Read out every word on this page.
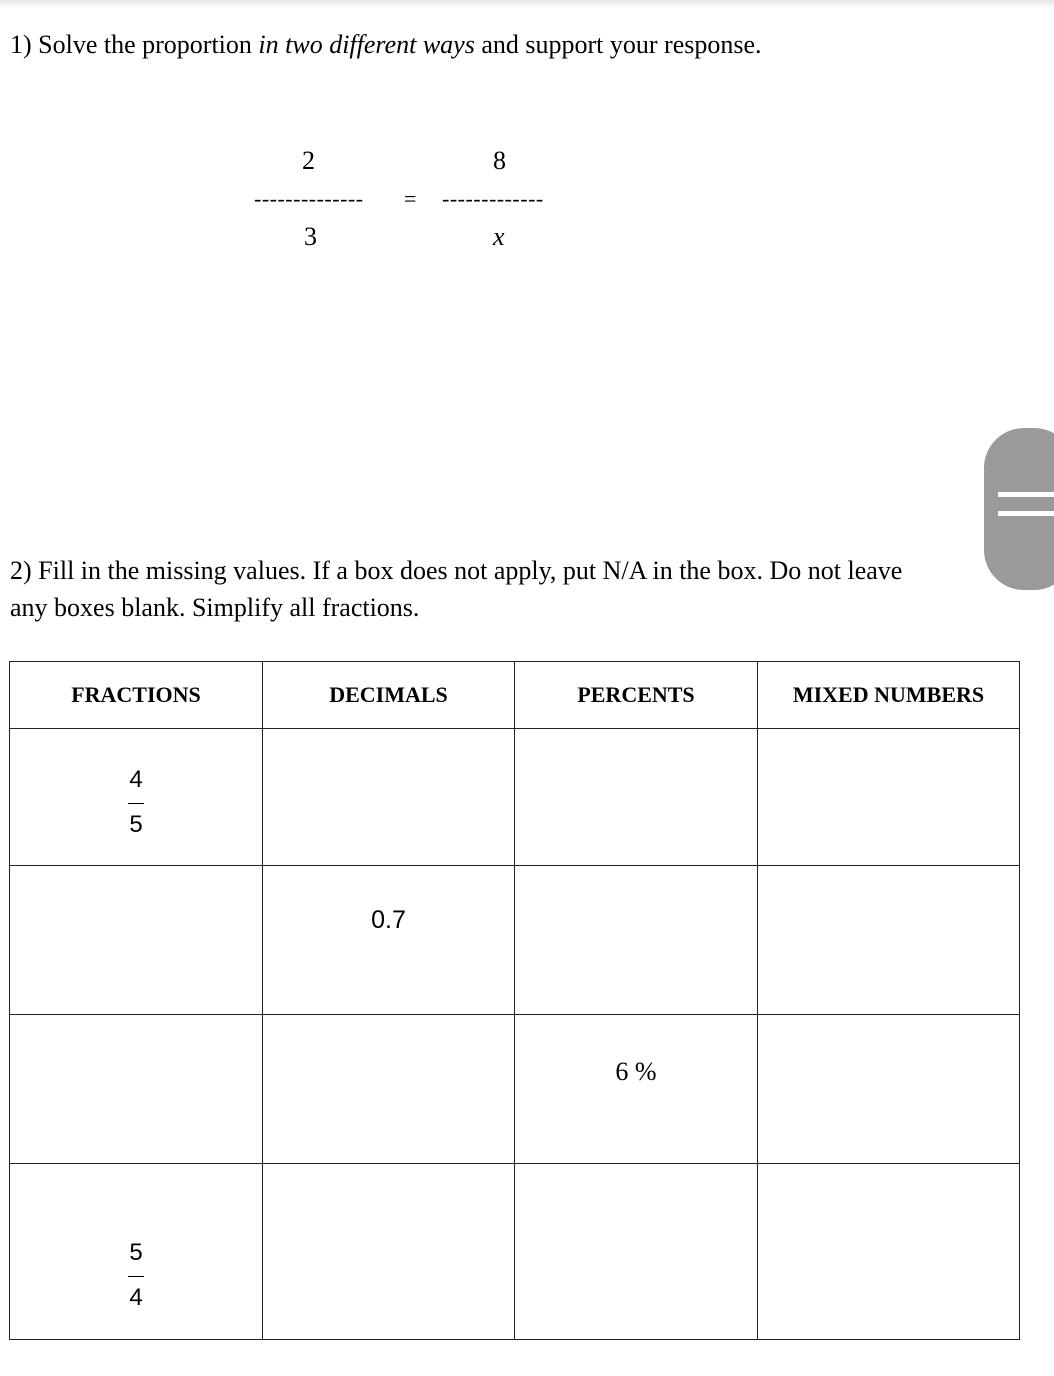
1) Solve the proportion in two different ways and support your response.
2
--------------
3
=
8
-------------
x
2) Fill in the missing values. If a box does not apply, put N/A in the box. Do not leave any boxes blank. Simplify all fractions.
FRACTIONS	DECIMALS	PERCENTS	MIXED NUMBERS

$\frac{4}{5}$

	0.7		
		6 %	

$\frac{5}{4}$
